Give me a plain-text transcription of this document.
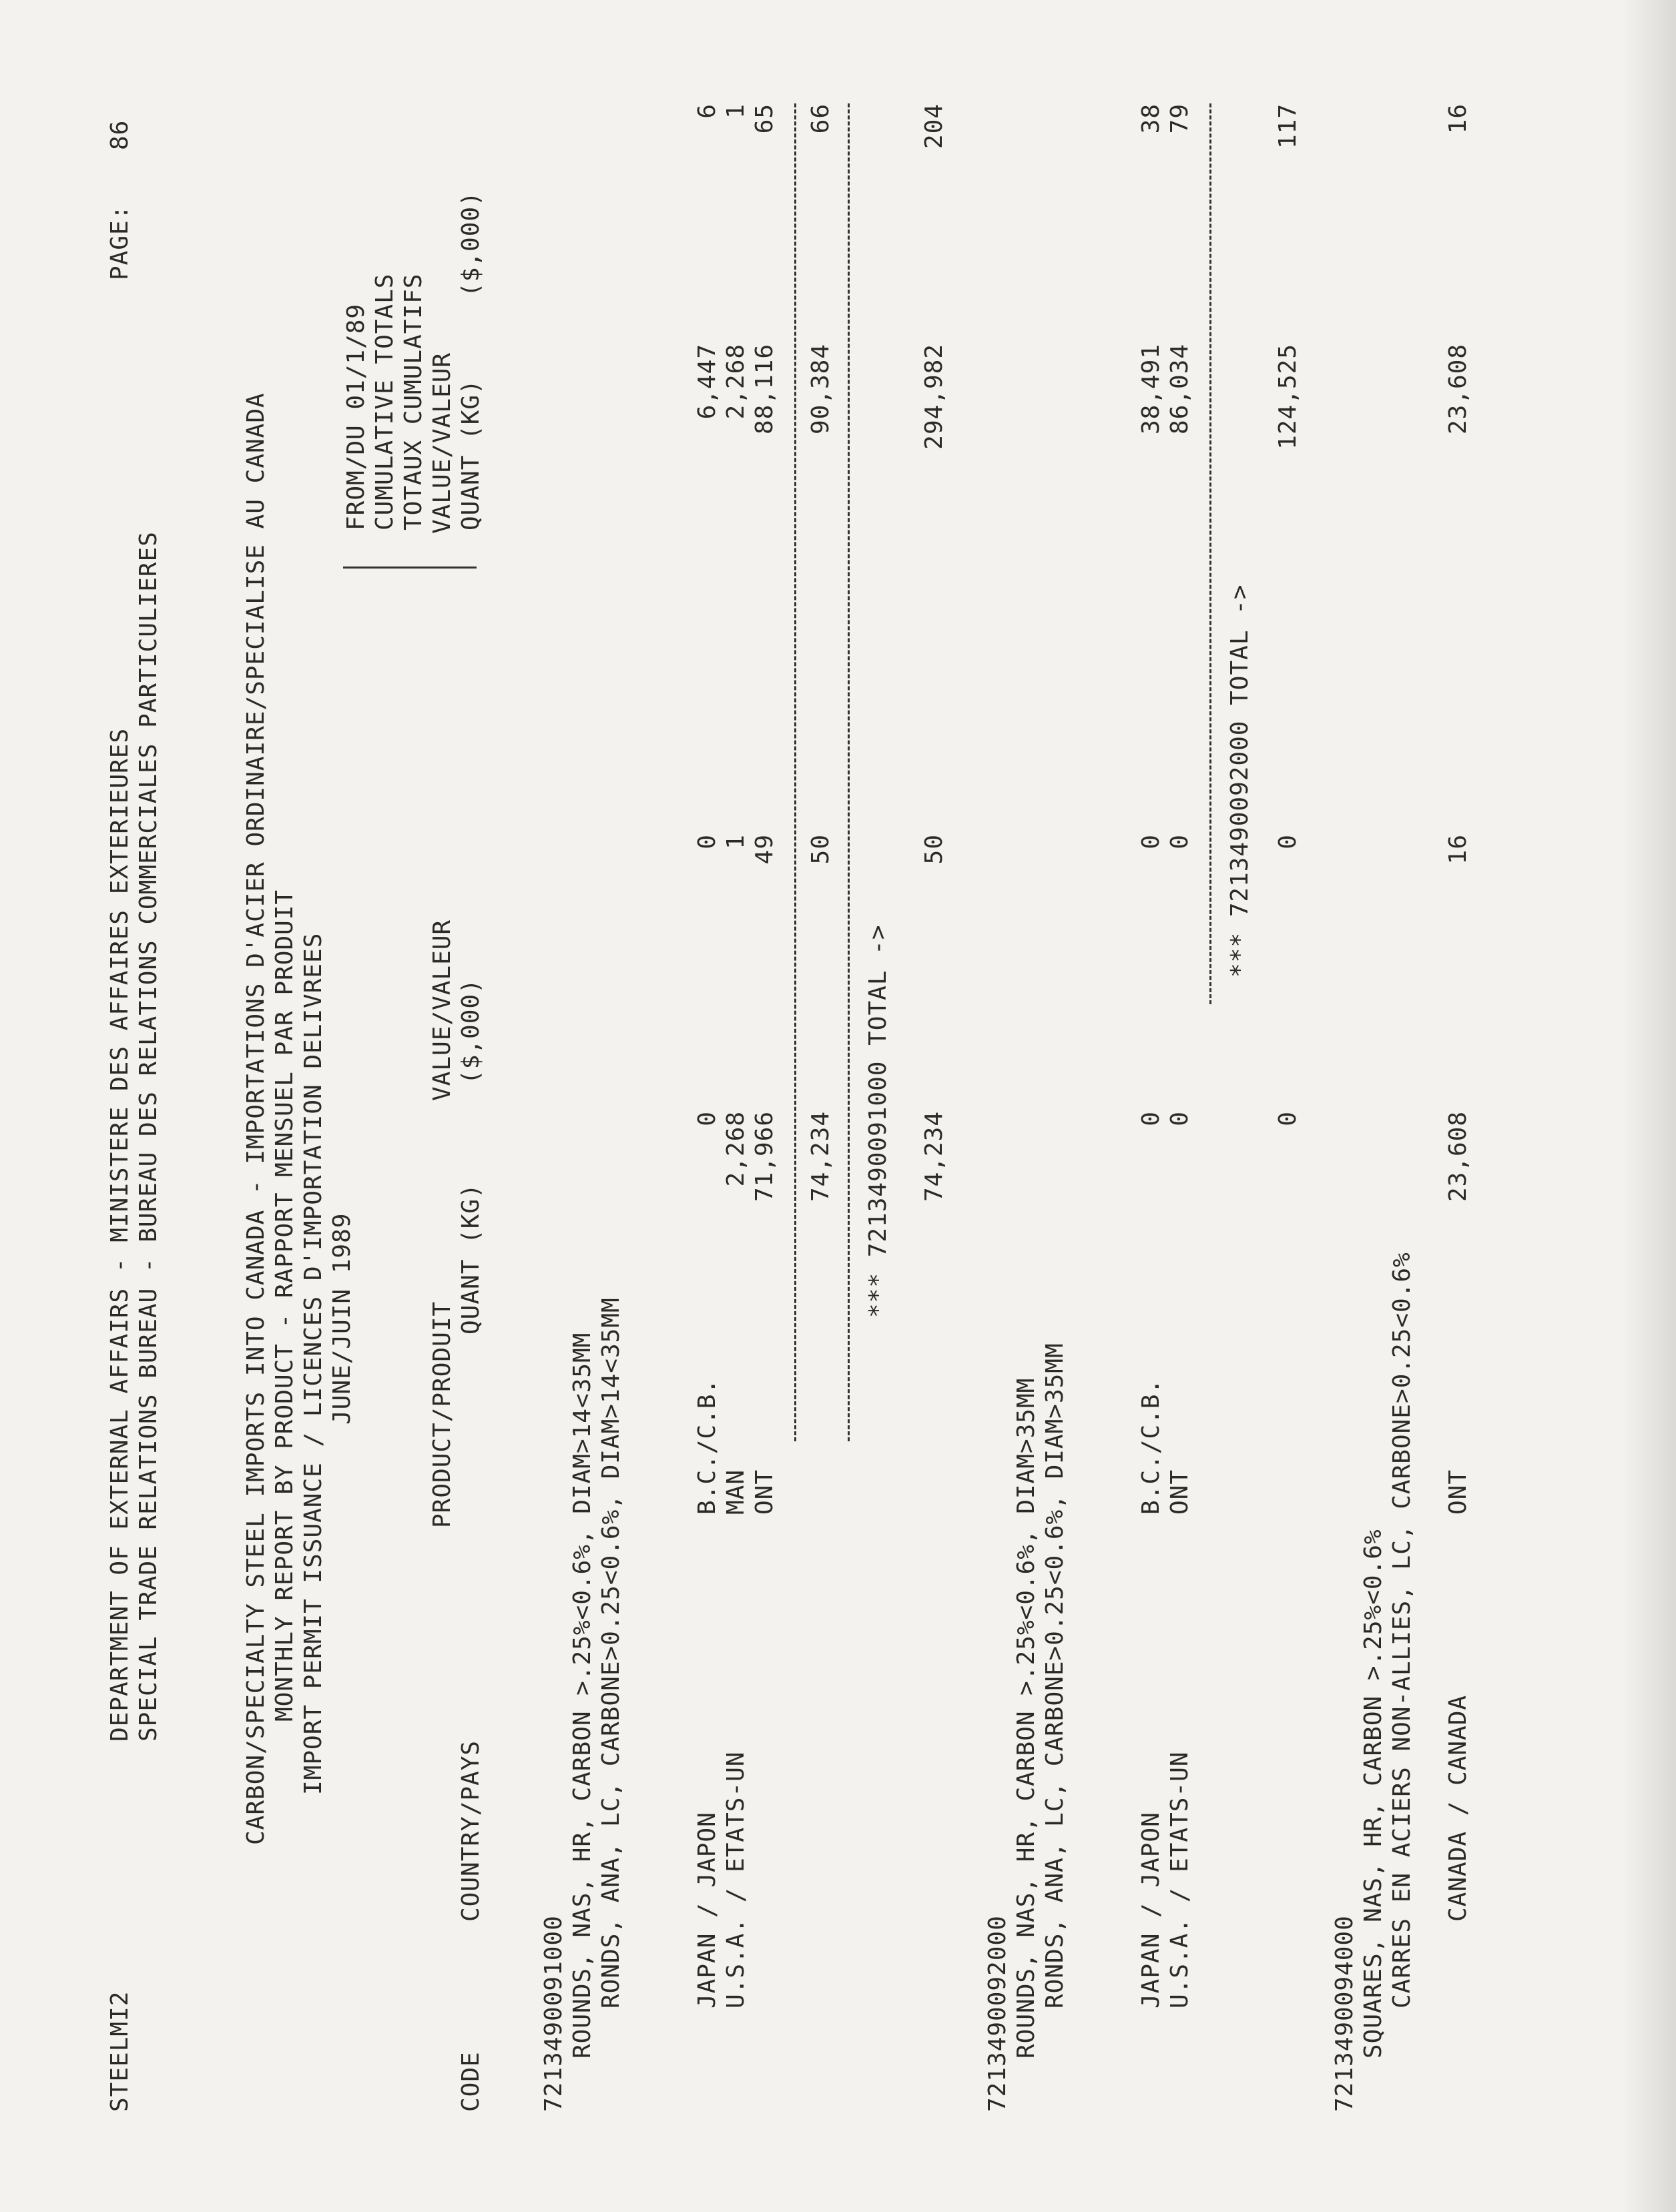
STEELMI2
DEPARTMENT OF EXTERNAL AFFAIRS - MINISTERE DES AFFAIRES EXTERIEURES SPECIAL TRADE RELATIONS BUREAU - BUREAU DES RELATIONS COMMERCIALES PARTICULIERES
PAGE:
86
CARBON/SPECIALTY STEEL IMPORTS INTO CANADA - IMPORTATIONS D'ACIER ORDINAIRE/SPECIALISE AU CANADA MONTHLY REPORT BY PRODUCT - RAPPORT MENSUEL PAR PRODUIT IMPORT PERMIT ISSUANCE / LICENCES D'IMPORTATION DELIVREES JUNE/JUIN 1989
FROM/DU 01/1/89 CUMULATIVE TOTALS TOTAUX CUMULATIFS VALUE/VALEUR QUANT (KG)
($,000)
VALUE/VALEUR
QUANT (KG)
($,000)
PRODUCT/PRODUIT
CODE
COUNTRY/PAYS
7213490091000 ROUNDS, NAS, HR, CARBON >.25%<0.6%, DIAM>14<35MM RONDS, ANA, LC, CARBONE>0.25<0.6%, DIAM>14<35MM	JAPAN / JAPON
B.C./C.B.
0
0
6,447
6
U.S.A. / ETATS-UN
MAN
2,268
1
2,268
1
ONT
71,966
49
88,116
65
74,234
50
90,384
66
*** 7213490091000 TOTAL -> 74,234
50
294,982
204
7213490092000 ROUNDS, NAS, HR, CARBON >.25%<0.6%, DIAM>35MM RONDS, ANA, LC, CARBONE>0.25<0.6%, DIAM>35MM	JAPAN / JAPON
B.C./C.B.
0
0
38,491
38
U.S.A. / ETATS-UN
ONT
0
0
86,034
79
*** 7213490092000 TOTAL ->
0
0
124,525
117
7213490094000 SQUARES, NAS, HR, CARBON >.25%<0.6% CARRES EN ACIERS NON-ALLIES, LC, CARBONE>0.25<0.6% CANADA / CANADA
ONT
23,608
16
23,608
16
